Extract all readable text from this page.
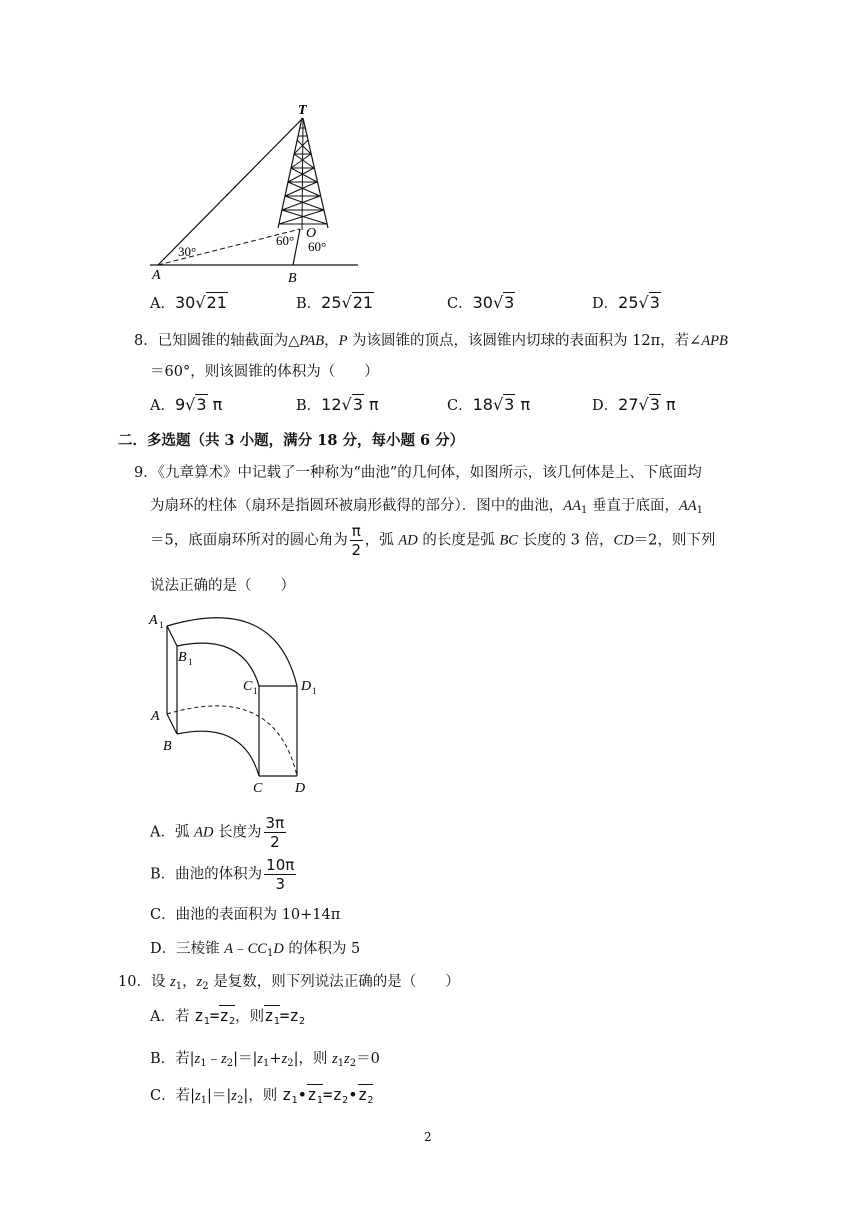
T
O
A	B
30°
60° 60°
A．30√21	B．25√21	C．30√3	D．25√3
8．已知圆锥的轴截面为△PAB，P 为该圆锥的顶点，该圆锥内切球的表面积为 12π，若∠APB
＝60°，则该圆锥的体积为（　　）
A．9√3 π	B．12√3 π	C．18√3 π	D．27√3 π
二．多选题（共 3 小题，满分 18 分，每小题 6 分）
9．《九章算术》中记载了一种称为“曲池”的几何体，如图所示，该几何体是上、下底面均
为扇环的柱体（扇环是指圆环被扇形截得的部分）．图中的曲池，$AA_1$ 垂直于底面，$AA_1$
＝5，底面扇环所对的圆心角为 $\frac{\pi}{2}$ ，弧 AD 的长度是弧 BC 长度的 3 倍，CD＝2，则下列
说法正确的是（　　）
A 1
B 1
C 1	D 1
A
B
C D
A．弧 AD 长度为 $\frac{3\pi}{2}$
B．曲池的体积为 $\frac{10\pi}{3}$
C．曲池的表面积为 10+14π
D．三棱锥 $A﹣CC_1D$ 的体积为 5
10．设 $z_1$，$z_2$ 是复数，则下列说法正确的是（　　）
A．若 $z_1=z_2$，则$z_1=z_2$
B．若$|z_1﹣z_2|=|z_1+z_2|$，则 $z_1z_2=0$
C．若$|z_1|=|z_2|$，则 $z_1•z_1=z_2•z_2$
2
